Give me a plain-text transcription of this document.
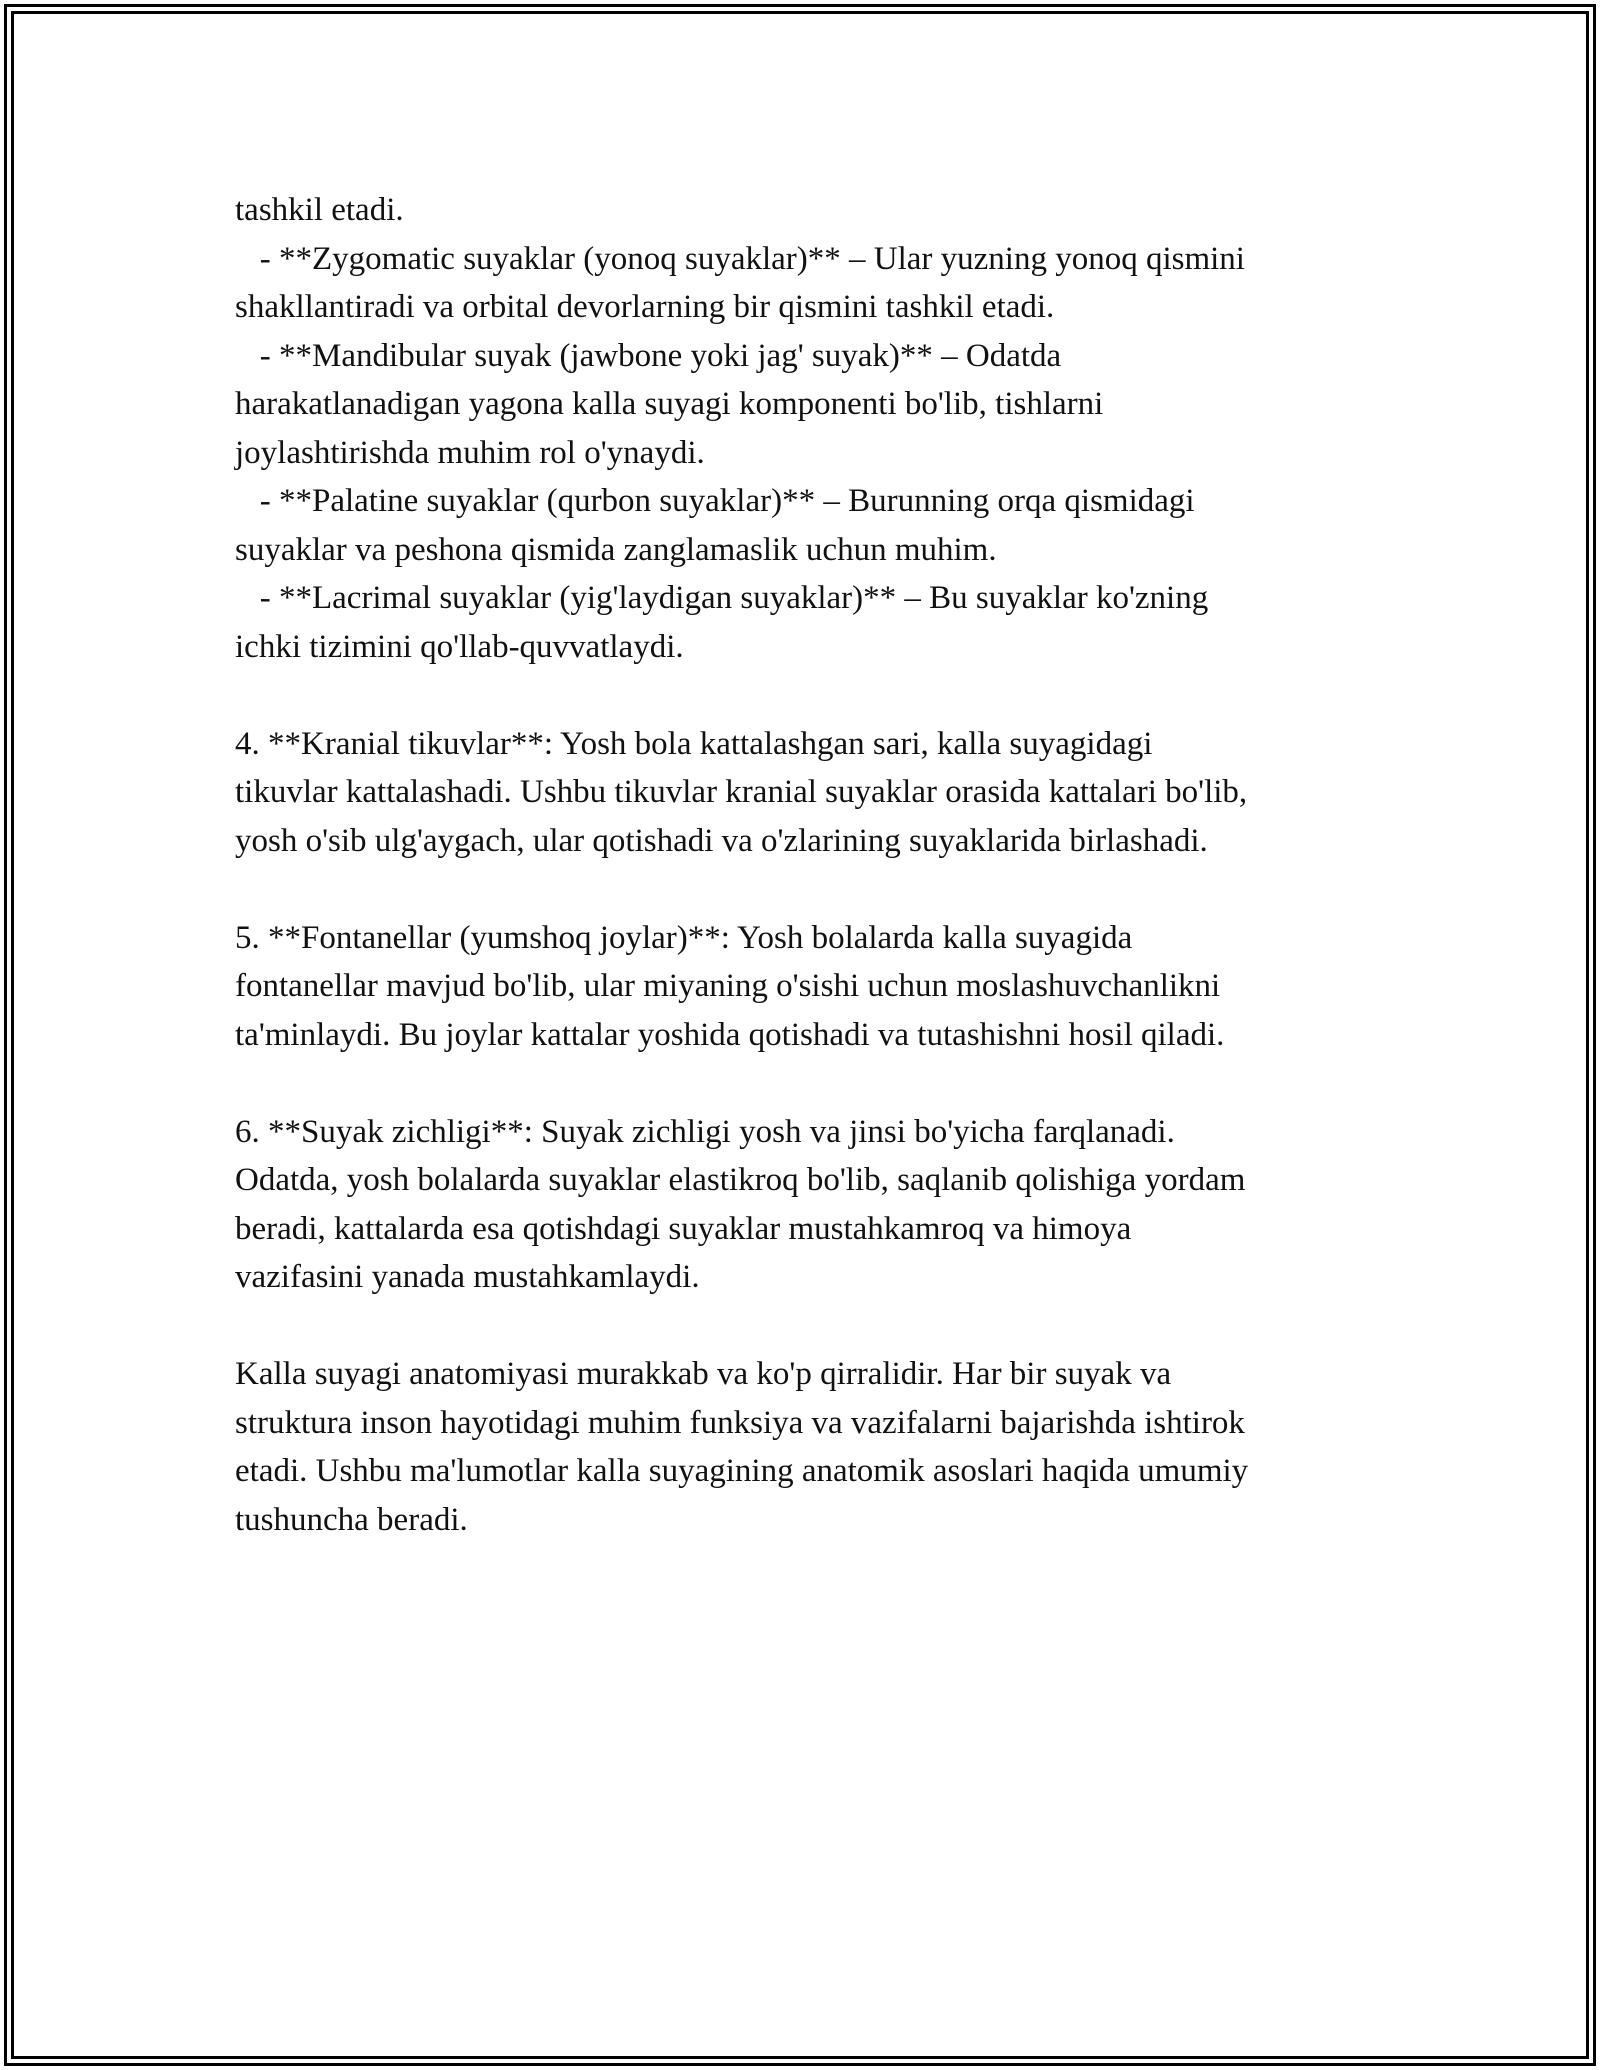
tashkil etadi.
- **Zygomatic suyaklar (yonoq suyaklar)** – Ular yuzning yonoq qismini
shakllantiradi va orbital devorlarning bir qismini tashkil etadi.
- **Mandibular suyak (jawbone yoki jag' suyak)** – Odatda
harakatlanadigan yagona kalla suyagi komponenti bo'lib, tishlarni
joylashtirishda muhim rol o'ynaydi.
- **Palatine suyaklar (qurbon suyaklar)** – Burunning orqa qismidagi
suyaklar va peshona qismida zanglamaslik uchun muhim.
- **Lacrimal suyaklar (yig'laydigan suyaklar)** – Bu suyaklar ko'zning
ichki tizimini qo'llab-quvvatlaydi.
4. **Kranial tikuvlar**: Yosh bola kattalashgan sari, kalla suyagidagi
tikuvlar kattalashadi. Ushbu tikuvlar kranial suyaklar orasida kattalari bo'lib,
yosh o'sib ulg'aygach, ular qotishadi va o'zlarining suyaklarida birlashadi.
5. **Fontanellar (yumshoq joylar)**: Yosh bolalarda kalla suyagida
fontanellar mavjud bo'lib, ular miyaning o'sishi uchun moslashuvchanlikni
ta'minlaydi. Bu joylar kattalar yoshida qotishadi va tutashishni hosil qiladi.
6. **Suyak zichligi**: Suyak zichligi yosh va jinsi bo'yicha farqlanadi.
Odatda, yosh bolalarda suyaklar elastikroq bo'lib, saqlanib qolishiga yordam
beradi, kattalarda esa qotishdagi suyaklar mustahkamroq va himoya
vazifasini yanada mustahkamlaydi.
Kalla suyagi anatomiyasi murakkab va ko'p qirralidir. Har bir suyak va
struktura inson hayotidagi muhim funksiya va vazifalarni bajarishda ishtirok
etadi. Ushbu ma'lumotlar kalla suyagining anatomik asoslari haqida umumiy
tushuncha beradi.
